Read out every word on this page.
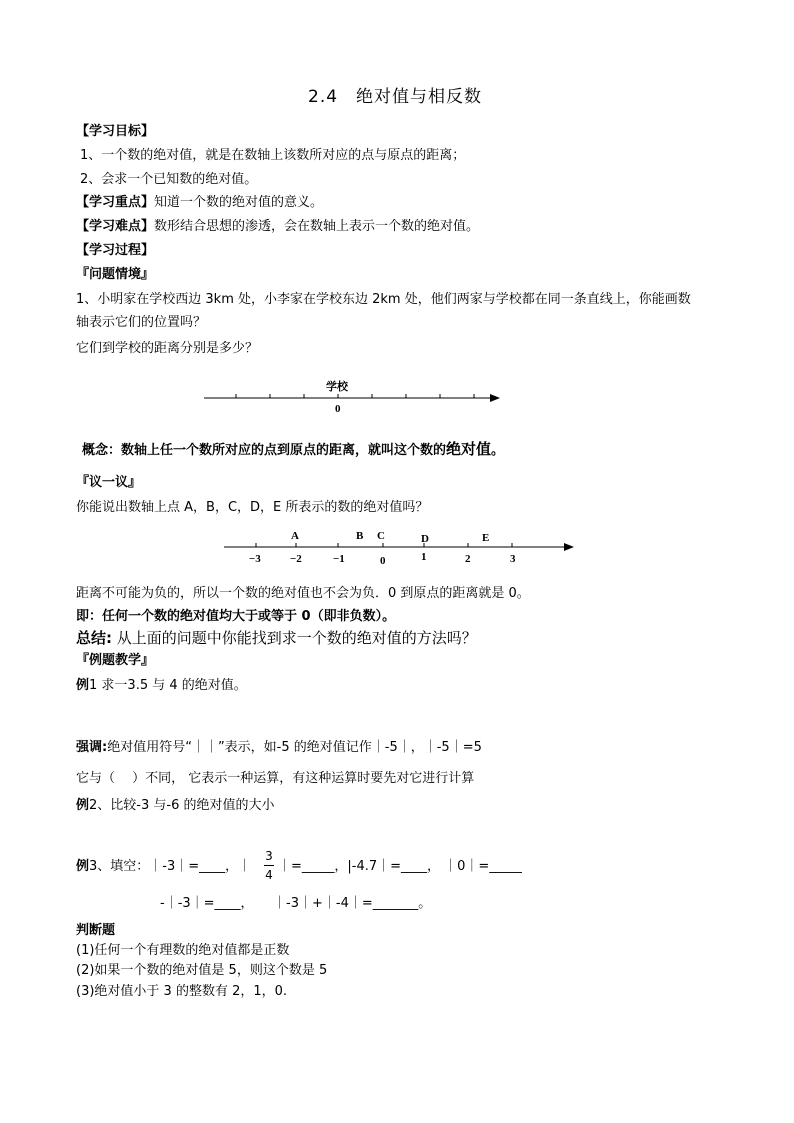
2.4　绝对值与相反数
【学习目标】
1、一个数的绝对值，就是在数轴上该数所对应的点与原点的距离；
2、会求一个已知数的绝对值。
【学习重点】知道一个数的绝对值的意义。
【学习难点】数形结合思想的渗透，会在数轴上表示一个数的绝对值。
【学习过程】
『问题情境』
1、小明家在学校西边 3km 处，小李家在学校东边 2km 处，他们两家与学校都在同一条直线上，你能画数
轴表示它们的位置吗？
它们到学校的距离分别是多少？
学校
0
概念：数轴上任一个数所对应的点到原点的距离，就叫这个数的绝对值。
『议一议』
你能说出数轴上点 A，B，C，D，E 所表示的数的绝对值吗？
−3	−2	−1	0	1	2	3
A	B C	D	E
距离不可能为负的，所以一个数的绝对值也不会为负．0 到原点的距离就是 0。
即：任何一个数的绝对值均大于或等于 0（即非负数）。
总结: 从上面的问题中你能找到求一个数的绝对值的方法吗？
『例题教学』
例1 求一3.5 与 4 的绝对值。
强调:绝对值用符号“｜｜”表示，如-5 的绝对值记作｜-5｜，｜-5｜=5
它与（　 ）不同， 它表示一种运算，有这种运算时要先对它进行计算
例2、比较-3 与-6 的绝对值的大小
例3、填空：｜-3｜=____，｜
3
4
｜=_____，|-4.7｜=____， ｜0｜=_____
-｜-3｜=____，　　｜-3｜+｜-4｜=_______。
判断题
(1)任何一个有理数的绝对值都是正数
(2)如果一个数的绝对值是 5，则这个数是 5
(3)绝对值小于 3 的整数有 2，1，0.
